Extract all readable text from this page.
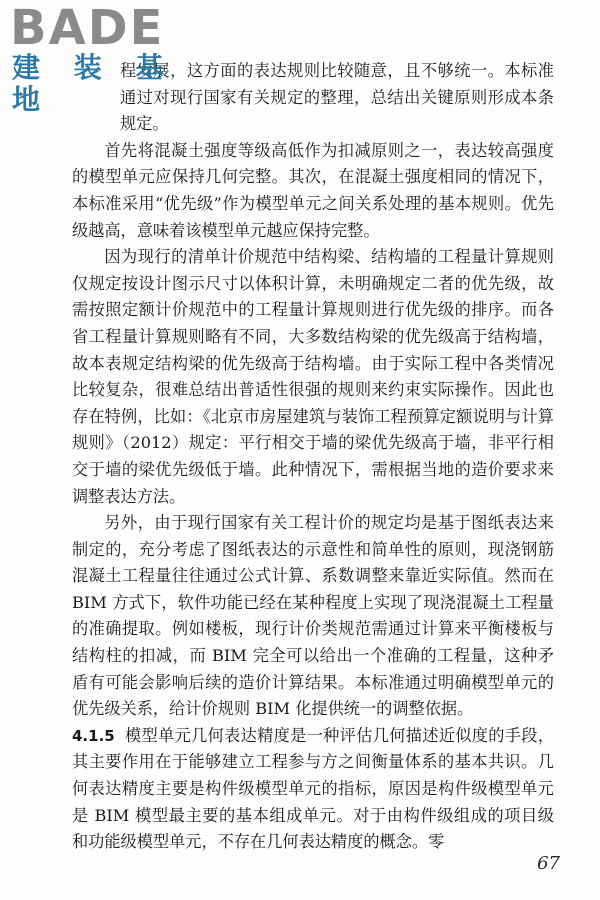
BADE
建 装 基 地

程发展，这方面的表达规则比较随意，且不够统一。本标准通过对现行国家有关规定的整理，总结出关键原则形成本条规定。

首先将混凝土强度等级高低作为扣减原则之一，表达较高强度的模型单元应保持几何完整。其次，在混凝土强度相同的情况下，本标准采用“优先级”作为模型单元之间关系处理的基本规则。优先级越高，意味着该模型单元越应保持完整。

因为现行的清单计价规范中结构梁、结构墙的工程量计算规则仅规定按设计图示尺寸以体积计算，未明确规定二者的优先级，故需按照定额计价规范中的工程量计算规则进行优先级的排序。而各省工程量计算规则略有不同，大多数结构梁的优先级高于结构墙，故本表规定结构梁的优先级高于结构墙。由于实际工程中各类情况比较复杂，很难总结出普适性很强的规则来约束实际操作。因此也存在特例，比如：《北京市房屋建筑与装饰工程预算定额说明与计算规则》（2012）规定：平行相交于墙的梁优先级高于墙，非平行相交于墙的梁优先级低于墙。此种情况下，需根据当地的造价要求来调整表达方法。

另外，由于现行国家有关工程计价的规定均是基于图纸表达来制定的，充分考虑了图纸表达的示意性和简单性的原则，现浇钢筋混凝土工程量往往通过公式计算、系数调整来靠近实际值。然而在 BIM 方式下，软件功能已经在某种程度上实现了现浇混凝土工程量的准确提取。例如楼板，现行计价类规范需通过计算来平衡楼板与结构柱的扣减，而 BIM 完全可以给出一个准确的工程量，这种矛盾有可能会影响后续的造价计算结果。本标准通过明确模型单元的优先级关系，给计价规则 BIM 化提供统一的调整依据。

4.1.5 模型单元几何表达精度是一种评估几何描述近似度的手段，其主要作用在于能够建立工程参与方之间衡量体系的基本共识。几何表达精度主要是构件级模型单元的指标，原因是构件级模型单元是 BIM 模型最主要的基本组成单元。对于由构件级组成的项目级和功能级模型单元，不存在几何表达精度的概念。零

67
